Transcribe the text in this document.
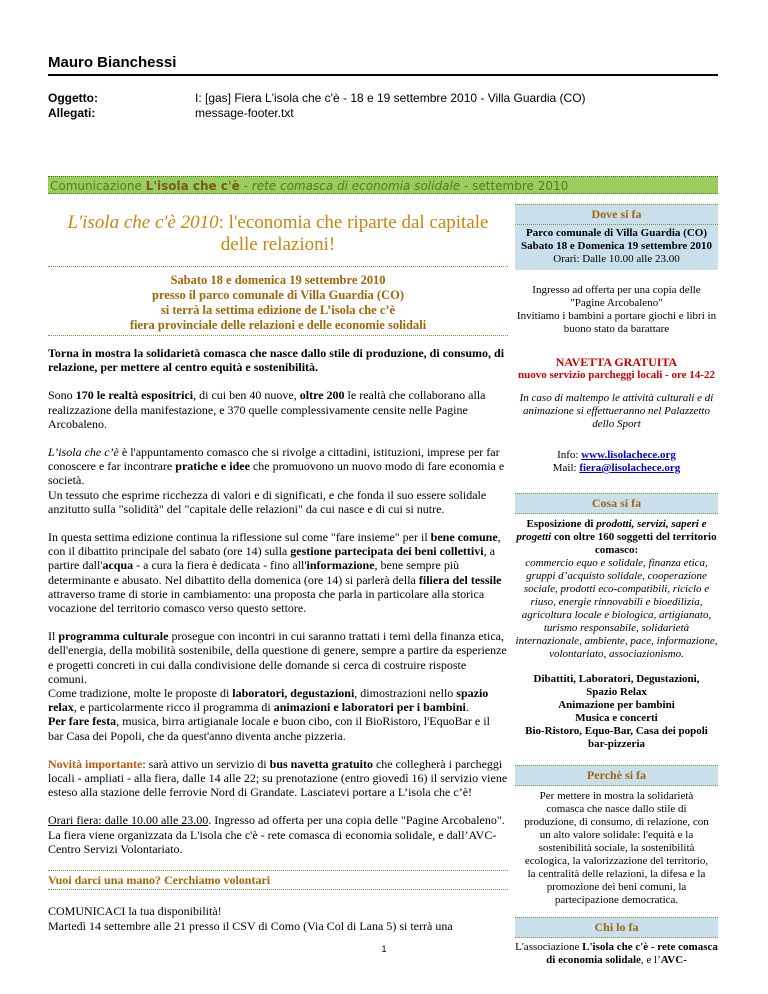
Mauro Bianchessi
Oggetto:	I: [gas] Fiera L'isola che c'è - 18 e 19 settembre 2010 - Villa Guardia (CO)
Allegati:	message-footer.txt
Comunicazione L'isola che c'è - rete comasca di economia solidale - settembre 2010
L'isola che c'è 2010: l'economia che riparte dal capitale delle relazioni!
Sabato 18 e domenica 19 settembre 2010
presso il parco comunale di Villa Guardia (CO)
si terrà la settima edizione de L’isola che c’è
fiera provinciale delle relazioni e delle economie solidali

Torna in mostra la solidarietà comasca che nasce dallo stile di produzione, di consumo, di relazione, per mettere al centro equità e sostenibilità.

Sono 170 le realtà espositrici, di cui ben 40 nuove, oltre 200 le realtà che collaborano alla realizzazione della manifestazione, e 370 quelle complessivamente censite nelle Pagine Arcobaleno.

L’isola che c’è è l'appuntamento comasco che si rivolge a cittadini, istituzioni, imprese per far conoscere e far incontrare pratiche e idee che promuovono un nuovo modo di fare economia e società.
Un tessuto che esprime ricchezza di valori e di significati, e che fonda il suo essere solidale anzitutto sulla "solidità" del "capitale delle relazioni" da cui nasce e di cui si nutre.

In questa settima edizione continua la riflessione sul come "fare insieme" per il bene comune, con il dibattito principale del sabato (ore 14) sulla gestione partecipata dei beni collettivi, a partire dall'acqua - a cura la fiera è dedicata - fino all'informazione, bene sempre più determinante e abusato. Nel dibattito della domenica (ore 14) si parlerà della filiera del tessile attraverso trame di storie in cambiamento: una proposta che parla in particolare alla storica vocazione del territorio comasco verso questo settore.

Il programma culturale prosegue con incontri in cui saranno trattati i temi della finanza etica, dell'energia, della mobilità sostenibile, della questione di genere, sempre a partire da esperienze e progetti concreti in cui dalla condivisione delle domande si cerca di costruire risposte comuni.
Come tradizione, molte le proposte di laboratori, degustazioni, dimostrazioni nello spazio relax, e particolarmente ricco il programma di animazioni e laboratori per i bambini.
Per fare festa, musica, birra artigianale locale e buon cibo, con il BioRistoro, l'EquoBar e il bar Casa dei Popoli, che da quest'anno diventa anche pizzeria.

Novità importante: sarà attivo un servizio di bus navetta gratuito che collegherà i parcheggi locali - ampliati - alla fiera, dalle 14 alle 22; su prenotazione (entro giovedì 16) il servizio viene esteso alla stazione delle ferrovie Nord di Grandate. Lasciatevi portare a L’isola che c’è!

Orari fiera: dalle 10.00 alle 23.00. Ingresso ad offerta per una copia delle "Pagine Arcobaleno". La fiera viene organizzata da L'isola che c'è - rete comasca di economia solidale, e dall’AVC-Centro Servizi Volontariato.

Vuoi darci una mano? Cerchiamo volontari
COMUNICACI la tua disponibilità!
Martedì 14 settembre alle 21 presso il CSV di Como (Via Col di Lana 5) si terrà una
Dove si fa
Parco comunale di Villa Guardia (CO)
Sabato 18 e Domenica 19 settembre 2010
Orari: Dalle 10.00 alle 23.00
Ingresso ad offerta per una copia delle "Pagine Arcobaleno"
Invitiamo i bambini a portare giochi e libri in buono stato da barattare
NAVETTA GRATUITA
nuovo servizio parcheggi locali - ore 14-22
In caso di maltempo le attività culturali e di animazione si effettueranno nel Palazzetto dello Sport
Info: www.lisolachece.org
Mail: fiera@lisolachece.org
Cosa si fa
Esposizione di prodotti, servizi, saperi e progetti con oltre 160 soggetti del territorio comasco:
commercio equo e solidale, finanza etica, gruppi d’acquisto solidale, cooperazione sociale, prodotti eco-compatibili, riciclo e riuso, energie rinnovabili e bioedilizia, agricoltura locale e biologica, artigianato, turismo responsabile, solidarietà internazionale, ambiente, pace, informazione, volontariato, associazionismo.
Dibattiti, Laboratori, Degustazioni,
Spazio Relax
Animazione per bambini
Musica e concerti
Bio-Ristoro, Equo-Bar, Casa dei popoli bar-pizzeria
Perchè si fa
Per mettere in mostra la solidarietà comasca che nasce dallo stile di produzione, di consumo, di relazione, con un alto valore solidale: l'equità e la sostenibilità sociale, la sostenibilità ecologica, la valorizzazione del territorio, la centralità delle relazioni, la difesa e la promozione dei beni comuni, la partecipazione democratica.
Chi lo fa
L'associazione L'isola che c'è - rete comasca di economia solidale, e l’AVC-
1
